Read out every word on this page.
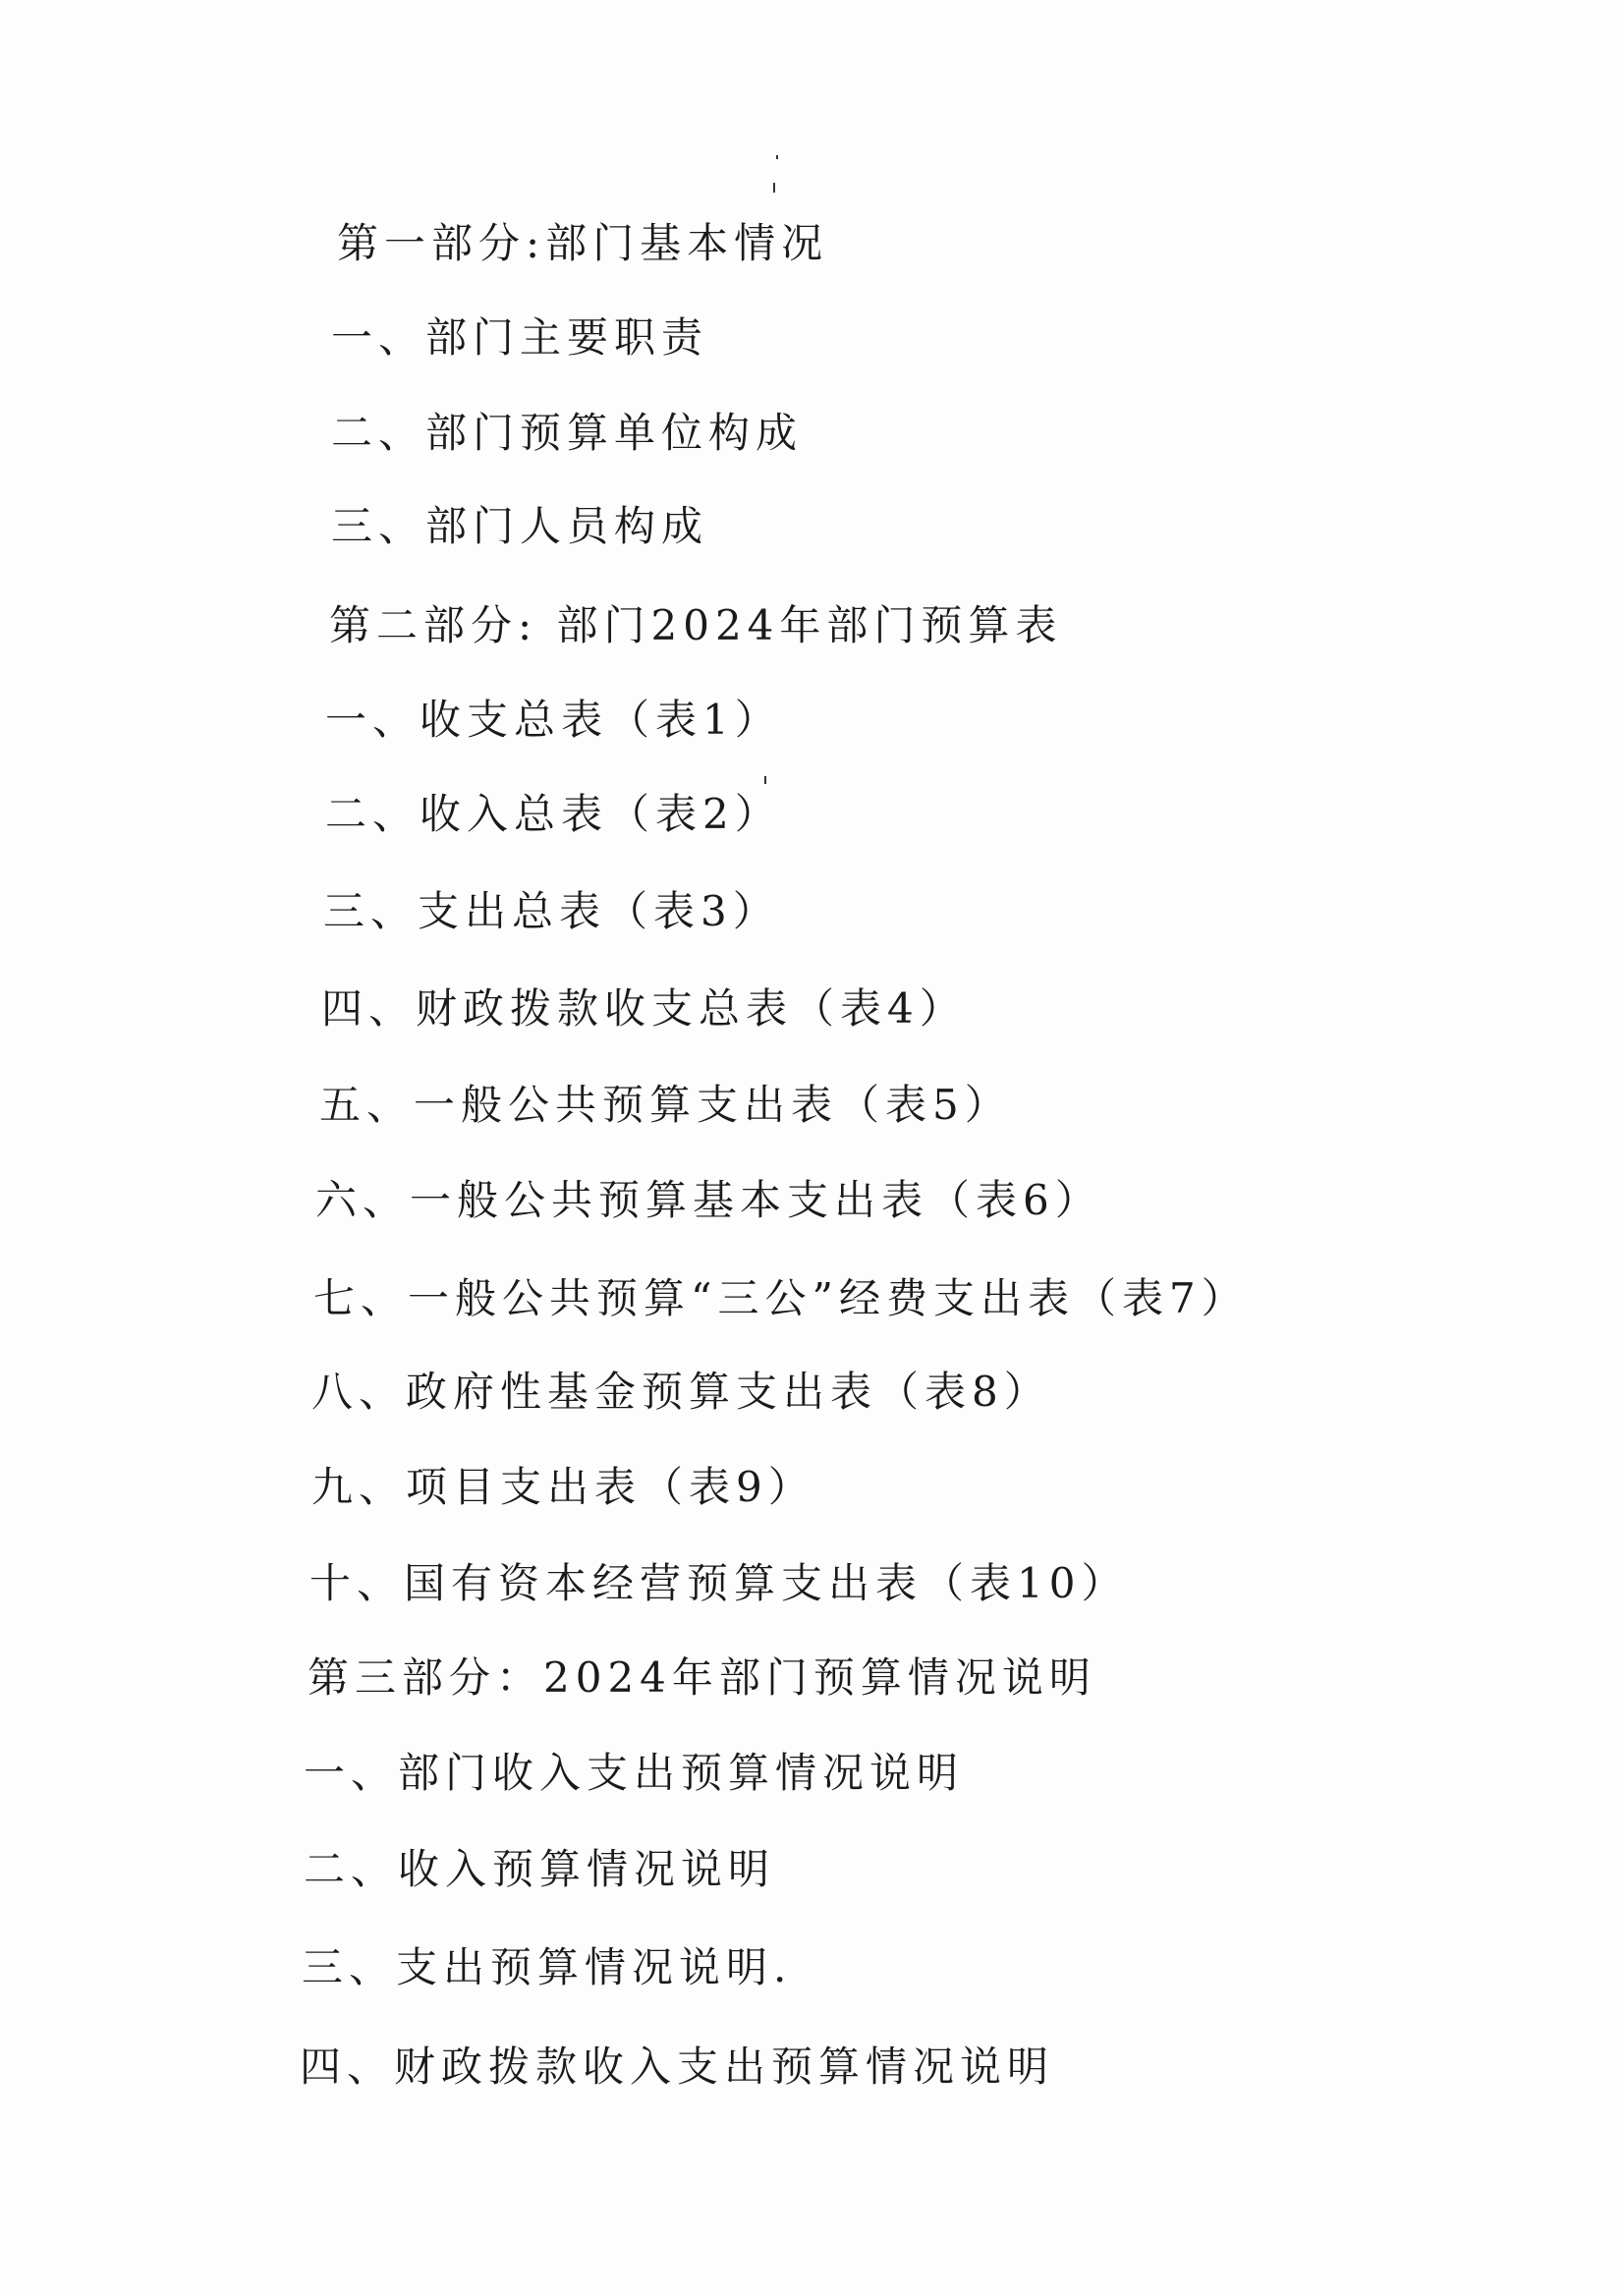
第一部分:部门基本情况
一、部门主要职责
二、部门预算单位构成
三、部门人员构成
第二部分: 部门2024年部门预算表
一、收支总表（表1）
二、收入总表（表2）
三、支出总表（表3）
四、财政拨款收支总表（表4）
五、一般公共预算支出表（表5）
六、一般公共预算基本支出表（表6）
七、一般公共预算“三公”经费支出表（表7）
八、政府性基金预算支出表（表8）
九、项目支出表（表9）
十、国有资本经营预算支出表（表10）
第三部分：2024年部门预算情况说明
一、部门收入支出预算情况说明
二、收入预算情况说明
三、支出预算情况说明.
四、财政拨款收入支出预算情况说明
